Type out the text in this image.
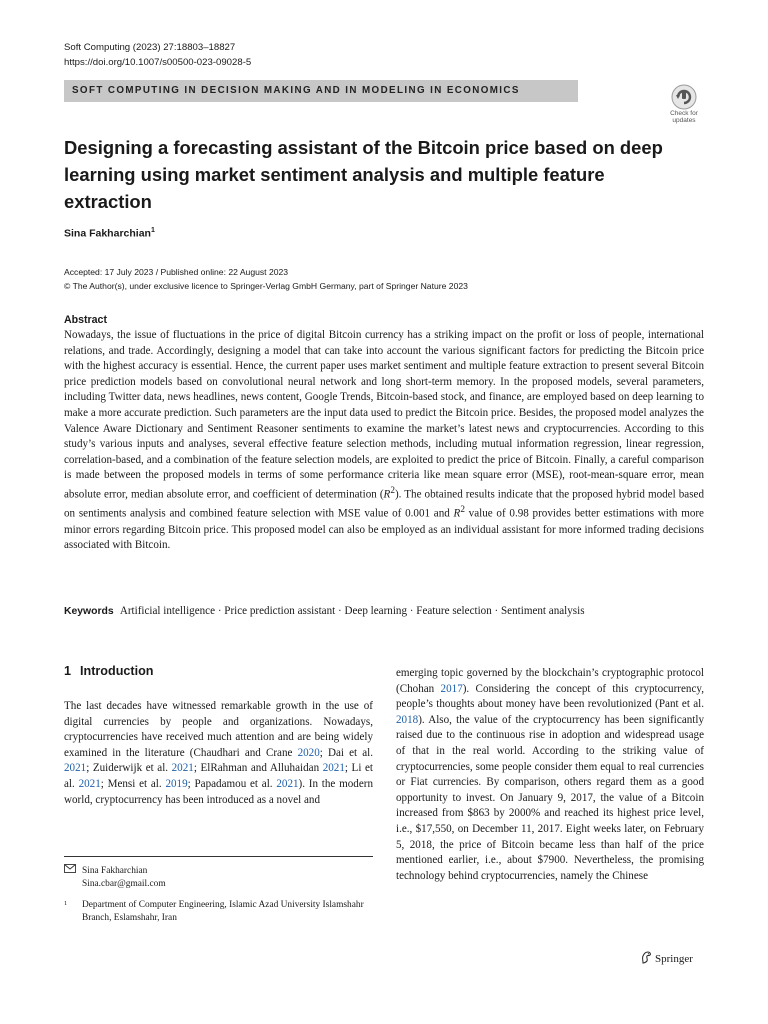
Soft Computing (2023) 27:18803–18827
https://doi.org/10.1007/s00500-023-09028-5
SOFT COMPUTING IN DECISION MAKING AND IN MODELING IN ECONOMICS
Check for
updates
Designing a forecasting assistant of the Bitcoin price based on deep learning using market sentiment analysis and multiple feature extraction
Sina Fakharchian$^1$
Accepted: 17 July 2023 / Published online: 22 August 2023
© The Author(s), under exclusive licence to Springer-Verlag GmbH Germany, part of Springer Nature 2023
Abstract

Nowadays, the issue of fluctuations in the price of digital Bitcoin currency has a striking impact on the profit or loss of people, international relations, and trade. Accordingly, designing a model that can take into account the various significant factors for predicting the Bitcoin price with the highest accuracy is essential. Hence, the current paper uses market sentiment and multiple feature extraction to present several Bitcoin price prediction models based on convolutional neural network and long short-term memory. In the proposed models, several parameters, including Twitter data, news headlines, news content, Google Trends, Bitcoin-based stock, and finance, are employed based on deep learning to make a more accurate prediction. Such parameters are the input data used to predict the Bitcoin price. Besides, the proposed model analyzes the Valence Aware Dictionary and Sentiment Reasoner sentiments to examine the market’s latest news and cryptocurrencies. According to this study’s various inputs and analyses, several effective feature selection methods, including mutual information regression, linear regression, correlation-based, and a combination of the feature selection models, are exploited to predict the price of Bitcoin. Finally, a careful comparison is made between the proposed models in terms of some performance criteria like mean square error (MSE), root-mean-square error, mean absolute error, median absolute error, and coefficient of determination $(R^2)$. The obtained results indicate that the proposed hybrid model based on sentiments analysis and combined feature selection with MSE value of 0.001 and $R^2$ value of 0.98 provides better estimations with more minor errors regarding Bitcoin price. This proposed model can also be employed as an individual assistant for more informed trading decisions associated with Bitcoin.

Keywords Artificial intelligence · Price prediction assistant · Deep learning · Feature selection · Sentiment analysis
1 Introduction

The last decades have witnessed remarkable growth in the use of digital currencies by people and organizations. Nowadays, cryptocurrencies have received much attention and are being widely examined in the literature (Chaudhari and Crane 2020; Dai et al. 2021; Zuiderwijk et al. 2021; ElRahman and Alluhaidan 2021; Li et al. 2021; Mensi et al. 2019; Papadamou et al. 2021). In the modern world, cryptocurrency has been introduced as a novel and

Sina Fakharchian
Sina.cbar@gmail.com
1	Department of Computer Engineering, Islamic Azad University Islamshahr Branch, Eslamshahr, Iran

emerging topic governed by the blockchain’s cryptographic protocol (Chohan 2017). Considering the concept of this cryptocurrency, people’s thoughts about money have been revolutionized (Pant et al. 2018). Also, the value of the cryptocurrency has been significantly raised due to the continuous rise in adoption and widespread usage of that in the real world. According to the striking value of cryptocurrencies, some people consider them equal to real currencies or Fiat currencies. By comparison, others regard them as a good opportunity to invest. On January 9, 2017, the value of a Bitcoin increased from $863 by 2000% and reached its highest price level, i.e., $17,550, on December 11, 2017. Eight weeks later, on February 5, 2018, the price of Bitcoin became less than half of the price mentioned earlier, i.e., about $7900. Nevertheless, the promising technology behind cryptocurrencies, namely the Chinese

Springer
